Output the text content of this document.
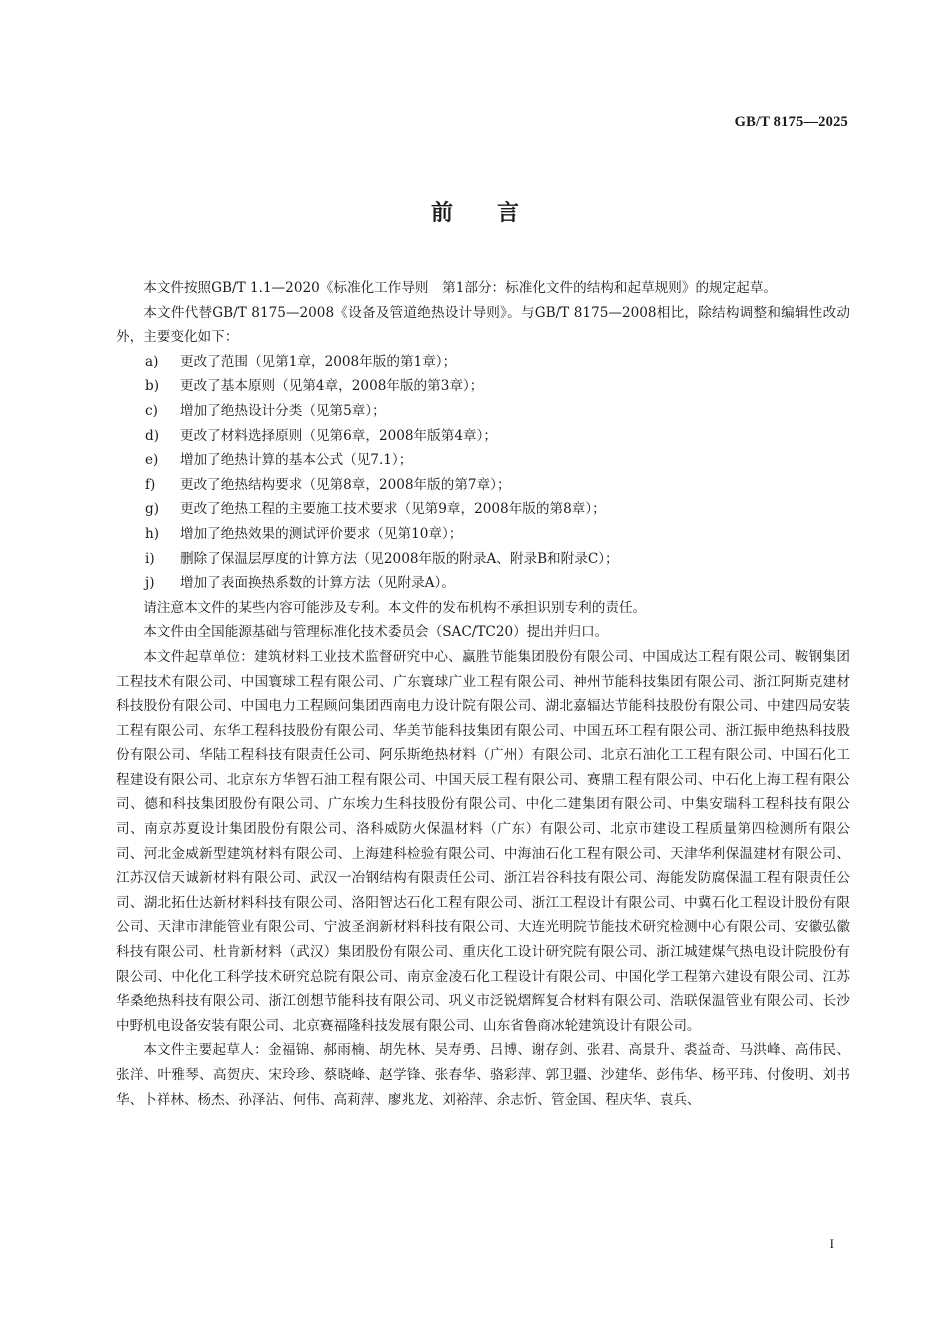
GB/T 8175—2025
前言

本文件按照GB/T 1.1—2020《标准化工作导则　第1部分：标准化文件的结构和起草规则》的规定起草。

本文件代替GB/T 8175—2008《设备及管道绝热设计导则》。与GB/T 8175—2008相比，除结构调整和编辑性改动外，主要变化如下：

a)	更改了范围（见第1章，2008年版的第1章）；
b)	更改了基本原则（见第4章，2008年版的第3章）；
c)	增加了绝热设计分类（见第5章）；
d)	更改了材料选择原则（见第6章，2008年版第4章）；
e)	增加了绝热计算的基本公式（见7.1）；
f)	更改了绝热结构要求（见第8章，2008年版的第7章）；
g)	更改了绝热工程的主要施工技术要求（见第9章，2008年版的第8章）；
h)	增加了绝热效果的测试评价要求（见第10章）；
i)	删除了保温层厚度的计算方法（见2008年版的附录A、附录B和附录C）；
j)	增加了表面换热系数的计算方法（见附录A）。

请注意本文件的某些内容可能涉及专利。本文件的发布机构不承担识别专利的责任。

本文件由全国能源基础与管理标准化技术委员会（SAC/TC20）提出并归口。

本文件起草单位：建筑材料工业技术监督研究中心、赢胜节能集团股份有限公司、中国成达工程有限公司、鞍钢集团工程技术有限公司、中国寰球工程有限公司、广东寰球广业工程有限公司、神州节能科技集团有限公司、浙江阿斯克建材科技股份有限公司、中国电力工程顾问集团西南电力设计院有限公司、湖北嘉辐达节能科技股份有限公司、中建四局安装工程有限公司、东华工程科技股份有限公司、华美节能科技集团有限公司、中国五环工程有限公司、浙江振申绝热科技股份有限公司、华陆工程科技有限责任公司、阿乐斯绝热材料（广州）有限公司、北京石油化工工程有限公司、中国石化工程建设有限公司、北京东方华智石油工程有限公司、中国天辰工程有限公司、赛鼎工程有限公司、中石化上海工程有限公司、德和科技集团股份有限公司、广东埃力生科技股份有限公司、中化二建集团有限公司、中集安瑞科工程科技有限公司、南京苏夏设计集团股份有限公司、洛科威防火保温材料（广东）有限公司、北京市建设工程质量第四检测所有限公司、河北金威新型建筑材料有限公司、上海建科检验有限公司、中海油石化工程有限公司、天津华利保温建材有限公司、江苏汉信天诚新材料有限公司、武汉一冶钢结构有限责任公司、浙江岩谷科技有限公司、海能发防腐保温工程有限责任公司、湖北拓仕达新材料科技有限公司、洛阳智达石化工程有限公司、浙江工程设计有限公司、中冀石化工程设计股份有限公司、天津市津能管业有限公司、宁波圣润新材料科技有限公司、大连光明院节能技术研究检测中心有限公司、安徽弘徽科技有限公司、杜肯新材料（武汉）集团股份有限公司、重庆化工设计研究院有限公司、浙江城建煤气热电设计院股份有限公司、中化化工科学技术研究总院有限公司、南京金凌石化工程设计有限公司、中国化学工程第六建设有限公司、江苏华桑绝热科技有限公司、浙江创想节能科技有限公司、巩义市泛锐熠辉复合材料有限公司、浩联保温管业有限公司、长沙中野机电设备安装有限公司、北京赛福隆科技发展有限公司、山东省鲁商冰轮建筑设计有限公司。

本文件主要起草人：金福锦、郝雨楠、胡先林、吴寿勇、吕博、谢存剑、张君、高景升、裘益奇、马洪峰、高伟民、张洋、叶雅琴、高贺庆、宋玲珍、蔡晓峰、赵学锋、张春华、骆彩萍、郭卫疆、沙建华、彭伟华、杨平玮、付俊明、刘书华、卜祥林、杨杰、孙泽沾、何伟、高莉萍、廖兆龙、刘裕萍、余志忻、管金国、程庆华、袁兵、

I
